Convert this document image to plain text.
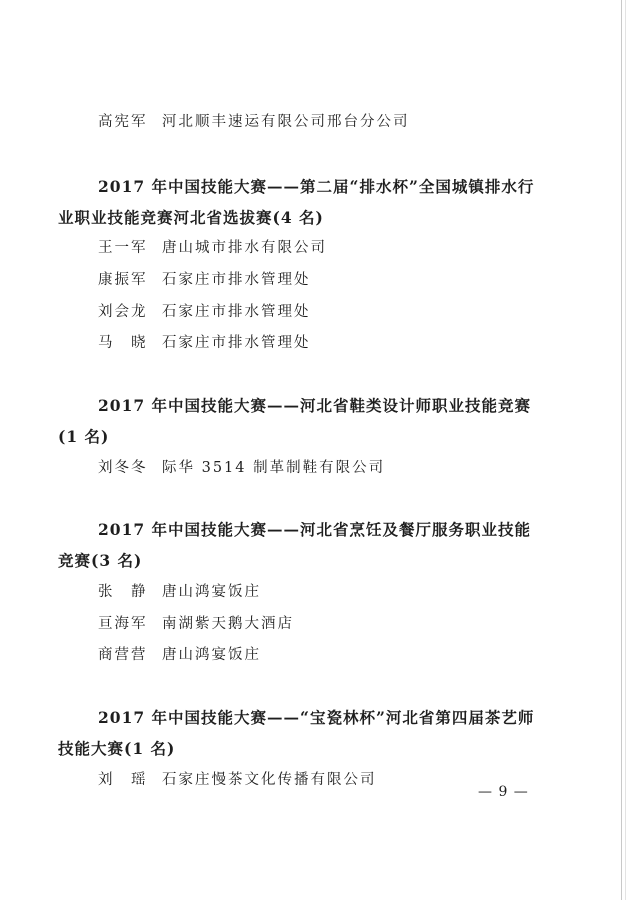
高宪军 河北顺丰速运有限公司邢台分公司
2017 年中国技能大赛——第二届“排水杯”全国城镇排水行
业职业技能竞赛河北省选拔赛(4 名)
王一军 唐山城市排水有限公司
康振军 石家庄市排水管理处
刘会龙 石家庄市排水管理处
马　晓 石家庄市排水管理处
2017 年中国技能大赛——河北省鞋类设计师职业技能竞赛
(1 名)
刘冬冬 际华 3514 制革制鞋有限公司
2017 年中国技能大赛——河北省烹饪及餐厅服务职业技能
竞赛(3 名)
张　静 唐山鸿宴饭庄
亘海军 南湖紫天鹅大酒店
商营营 唐山鸿宴饭庄
2017 年中国技能大赛——“宝瓷林杯”河北省第四届茶艺师
技能大赛(1 名)
刘　瑶 石家庄慢茶文化传播有限公司
— 9 —
